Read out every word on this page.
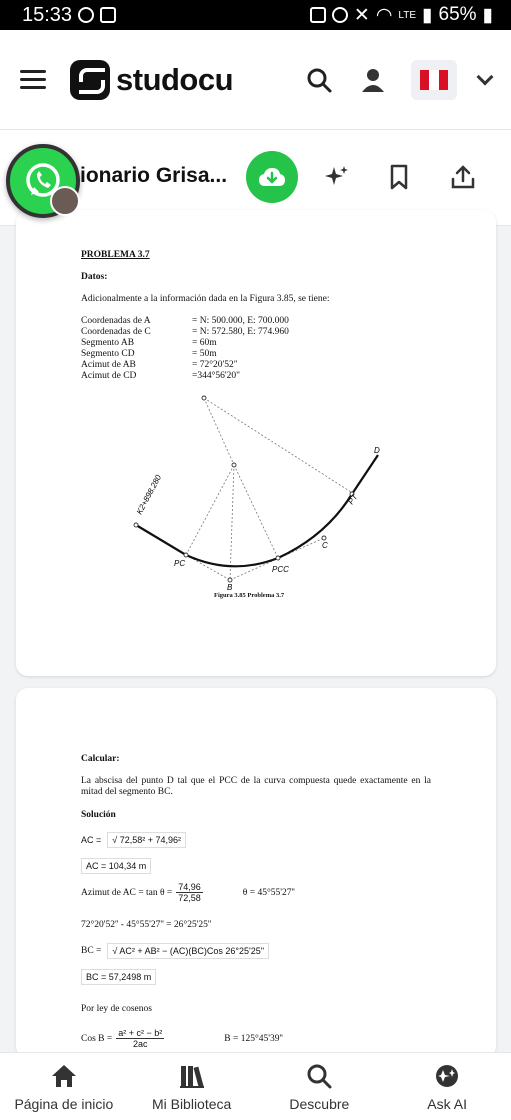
15:33	✕ ◠ LTE ▮ 65% ▮
studocu
ionario Grisa...
PROBLEMA 3.7
Datos:
Adicionalmente a la información dada en la Figura 3.85, se tiene:
Coordenadas de A	= N: 500.000, E: 700.000
Coordenadas de C	= N: 572.580, E: 774.960
Segmento AB	= 60m
Segmento CD	= 50m
Acimut de AB	= 72°20'52"
Acimut de CD	=344°56'20"
K2+898.280
PC
PCC
PT
B
C
D
Figura 3.85 Problema 3.7
Calcular:
La abscisa del punto D tal que el PCC de la curva compuesta quede exactamente en la mitad del segmento BC.
Solución
AC =	√ 72,58² + 74,96²
AC = 104,34 m
Azimut de AC = $\tan \theta = \frac{74,96}{72,58}$	θ = 45°55'27''
72°20'52'' - 45°55'27'' = 26°25'25''
BC =	√ AC² + AB² − (AC)(BC)Cos 26°25'25''
BC = 57,2498 m
Por ley de cosenos
Cos $B = \frac{\text{a² + c² − b²}}{2ac}$	B = 125°45'39''
Página de inicio	Mi Biblioteca	Descubre	Ask AI
